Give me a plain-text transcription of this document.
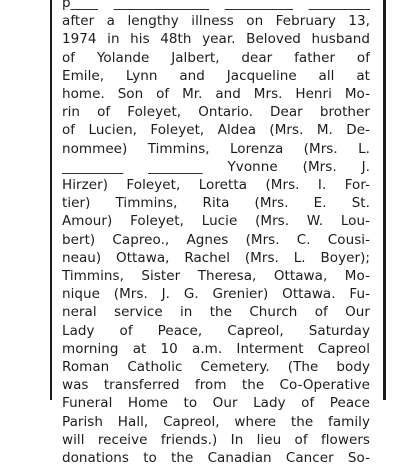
p____ ______________ __________ _________
after a lengthy illness on February 13,
1974 in his 48th year. Beloved husband
of Yolande Jalbert, dear father of
Emile, Lynn and Jacqueline all at
home. Son of Mr. and Mrs. Henri Mo-
rin of Foleyet, Ontario. Dear brother
of Lucien, Foleyet, Aldea (Mrs. M. De-
nommee) Timmins, Lorenza (Mrs. L.
_________ ________ Yvonne (Mrs. J.
Hirzer) Foleyet, Loretta (Mrs. I. For-
tier) Timmins, Rita (Mrs. E. St.
Amour) Foleyet, Lucie (Mrs. W. Lou-
bert) Capreo., Agnes (Mrs. C. Cousi-
neau) Ottawa, Rachel (Mrs. L. Boyer);
Timmins, Sister Theresa, Ottawa, Mo-
nique (Mrs. J. G. Grenier) Ottawa. Fu-
neral service in the Church of Our
Lady of Peace, Capreol, Saturday
morning at 10 a.m. Interment Capreol
Roman Catholic Cemetery. (The body
was transferred from the Co-Operative
Funeral Home to Our Lady of Peace
Parish Hall, Capreol, where the family
will receive friends.) In lieu of flowers
donations to the Canadian Cancer So-
